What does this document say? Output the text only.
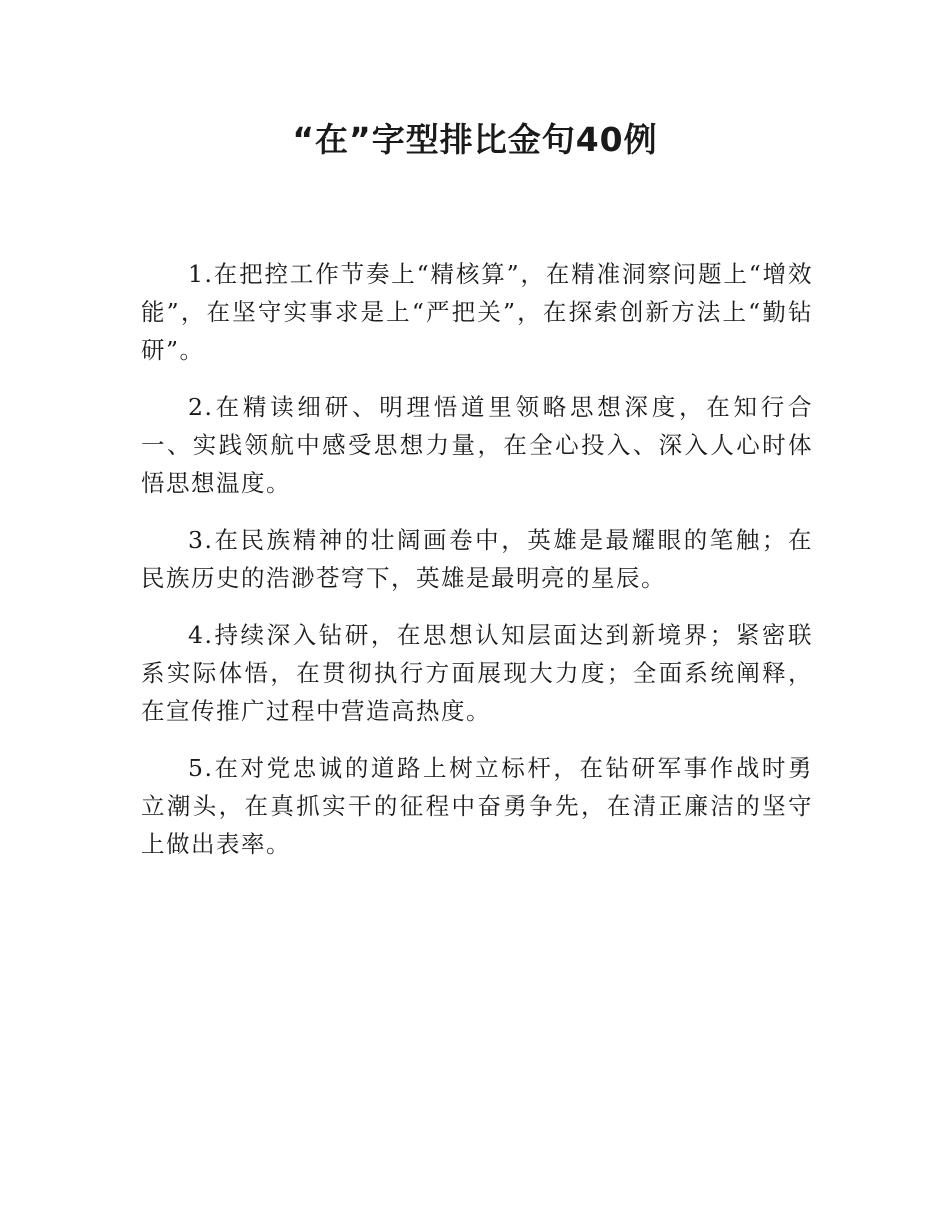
“在”字型排比金句40例

1.在把控工作节奏上“精核算”，在精准洞察问题上“增效能”，在坚守实事求是上“严把关”，在探索创新方法上“勤钻研”。

2.在精读细研、明理悟道里领略思想深度，在知行合一、实践领航中感受思想力量，在全心投入、深入人心时体悟思想温度。

3.在民族精神的壮阔画卷中，英雄是最耀眼的笔触；在民族历史的浩渺苍穹下，英雄是最明亮的星辰。

4.持续深入钻研，在思想认知层面达到新境界；紧密联系实际体悟，在贯彻执行方面展现大力度；全面系统阐释，在宣传推广过程中营造高热度。

5.在对党忠诚的道路上树立标杆，在钻研军事作战时勇立潮头，在真抓实干的征程中奋勇争先，在清正廉洁的坚守上做出表率。
